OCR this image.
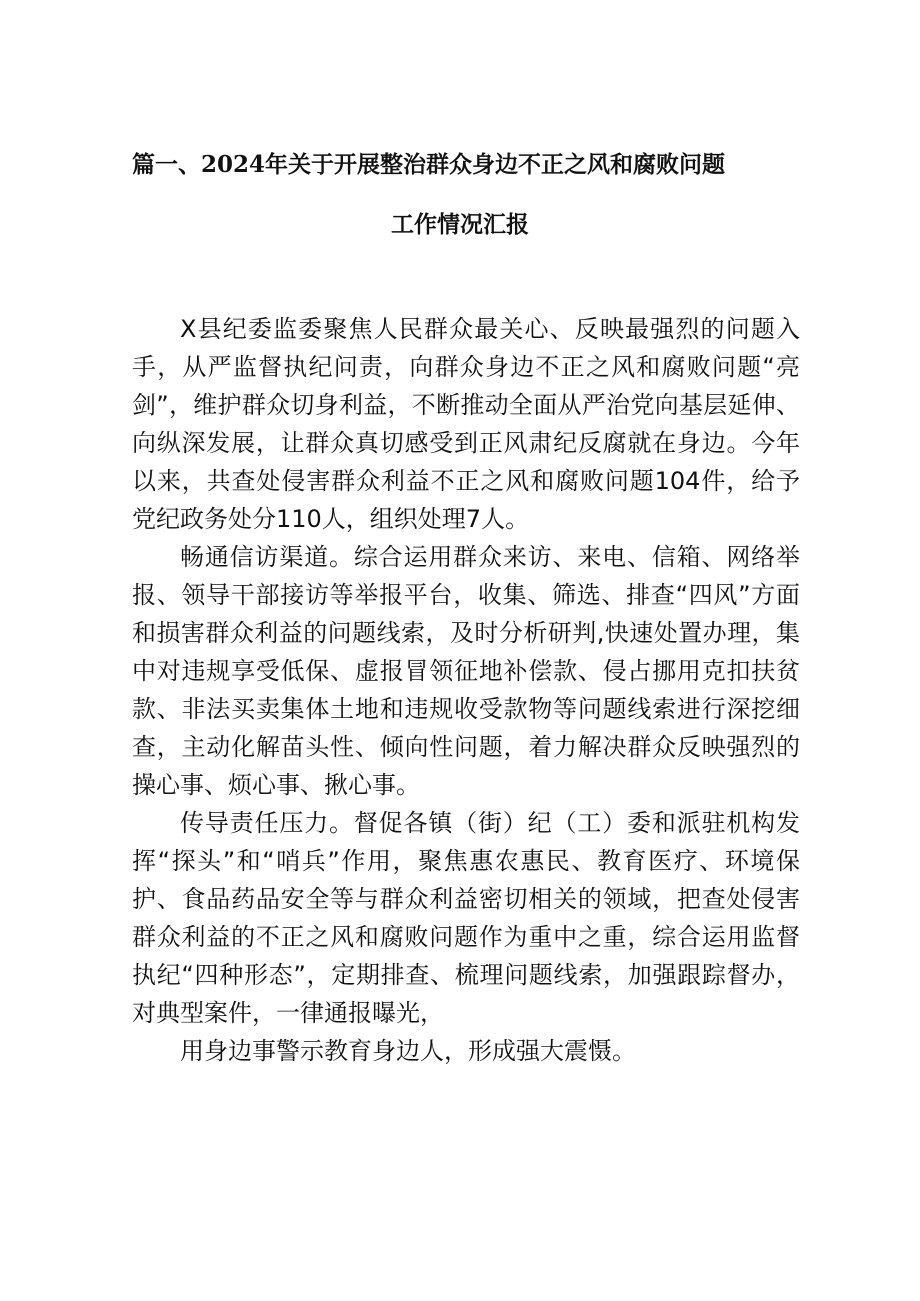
篇一、2024年关于开展整治群众身边不正之风和腐败问题
工作情况汇报

X县纪委监委聚焦人民群众最关心、反映最强烈的问题入手，从严监督执纪问责，向群众身边不正之风和腐败问题“亮剑”，维护群众切身利益，不断推动全面从严治党向基层延伸、向纵深发展，让群众真切感受到正风肃纪反腐就在身边。今年以来，共查处侵害群众利益不正之风和腐败问题104件，给予党纪政务处分110人，组织处理7人。

畅通信访渠道。综合运用群众来访、来电、信箱、网络举报、领导干部接访等举报平台，收集、筛选、排查“四风”方面和损害群众利益的问题线索，及时分析研判,快速处置办理，集中对违规享受低保、虚报冒领征地补偿款、侵占挪用克扣扶贫款、非法买卖集体土地和违规收受款物等问题线索进行深挖细查，主动化解苗头性、倾向性问题，着力解决群众反映强烈的操心事、烦心事、揪心事。

传导责任压力。督促各镇（街）纪（工）委和派驻机构发挥“探头”和“哨兵”作用，聚焦惠农惠民、教育医疗、环境保护、食品药品安全等与群众利益密切相关的领域，把查处侵害群众利益的不正之风和腐败问题作为重中之重，综合运用监督执纪“四种形态”，定期排查、梳理问题线索，加强跟踪督办，对典型案件，一律通报曝光，

用身边事警示教育身边人，形成强大震慑。
